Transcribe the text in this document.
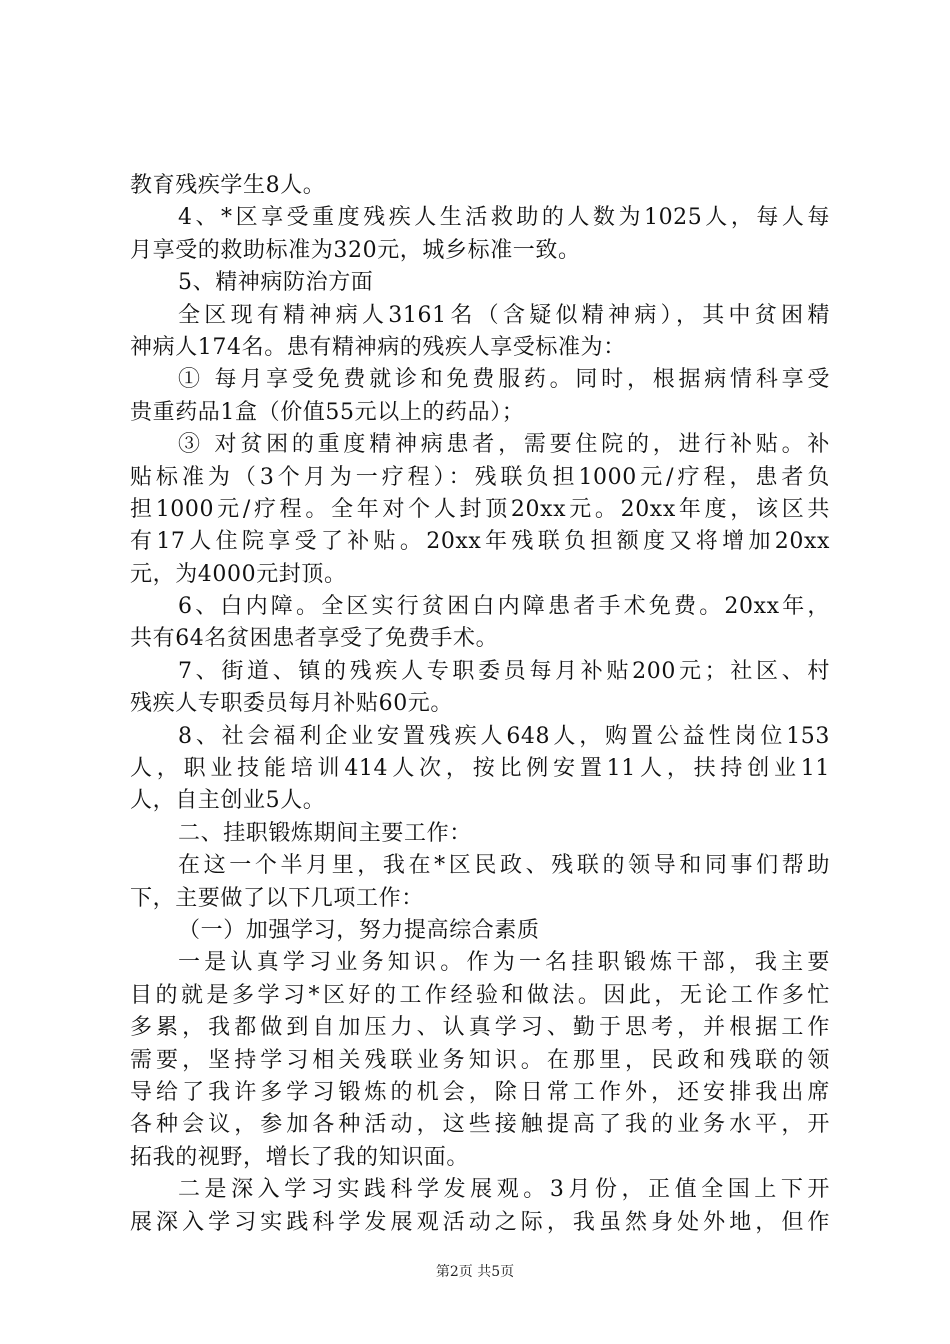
教育残疾学生8人。
4、*区享受重度残疾人生活救助的人数为1025人，每人每
月享受的救助标准为320元，城乡标准一致。
5、精神病防治方面
全区现有精神病人3161名（含疑似精神病），其中贫困精
神病人174名。患有精神病的残疾人享受标准为：
① 每月享受免费就诊和免费服药。同时，根据病情科享受
贵重药品1盒（价值55元以上的药品）；
③ 对贫困的重度精神病患者，需要住院的，进行补贴。补
贴标准为（3个月为一疗程）：残联负担1000元/疗程，患者负
担1000元/疗程。全年对个人封顶20xx元。20xx年度，该区共
有17人住院享受了补贴。20xx年残联负担额度又将增加20xx
元，为4000元封顶。
6、白内障。全区实行贫困白内障患者手术免费。20xx年，
共有64名贫困患者享受了免费手术。
7、街道、镇的残疾人专职委员每月补贴200元；社区、村
残疾人专职委员每月补贴60元。
8、社会福利企业安置残疾人648人，购置公益性岗位153
人，职业技能培训414人次，按比例安置11人，扶持创业11
人，自主创业5人。
二、挂职锻炼期间主要工作：
在这一个半月里，我在*区民政、残联的领导和同事们帮助
下，主要做了以下几项工作：
（一）加强学习，努力提高综合素质
一是认真学习业务知识。作为一名挂职锻炼干部，我主要
目的就是多学习*区好的工作经验和做法。因此，无论工作多忙
多累，我都做到自加压力、认真学习、勤于思考，并根据工作
需要，坚持学习相关残联业务知识。在那里，民政和残联的领
导给了我许多学习锻炼的机会，除日常工作外，还安排我出席
各种会议，参加各种活动，这些接触提高了我的业务水平，开
拓我的视野，增长了我的知识面。
二是深入学习实践科学发展观。3月份，正值全国上下开
展深入学习实践科学发展观活动之际，我虽然身处外地，但作
第2页 共5页
